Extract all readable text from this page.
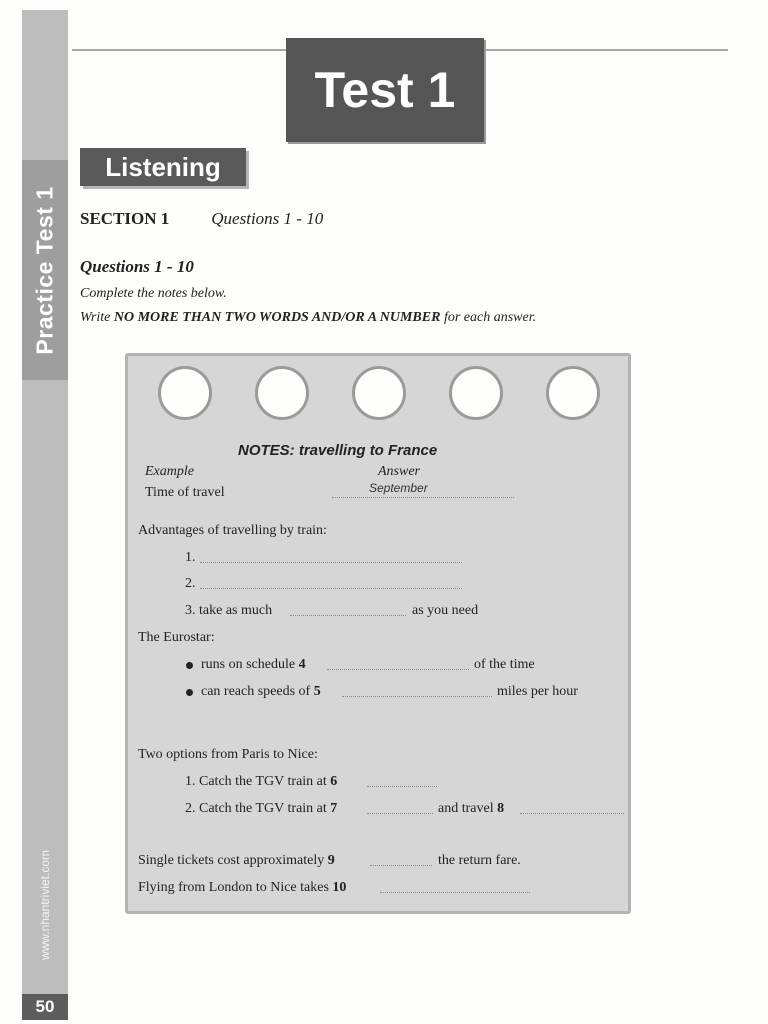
Practice Test 1
www.nhantriviet.com
50
Test 1
Listening
SECTION 1 Questions 1 - 10
Questions 1 - 10
Complete the notes below.
Write NO MORE THAN TWO WORDS AND/OR A NUMBER for each answer.
NOTES: travelling to France
Example	Answer
Time of travel	September
Advantages of travelling by train:
1.
2.
3. take as much	as you need
The Eurostar:
runs on schedule 4	of the time
can reach speeds of 5	miles per hour
Two options from Paris to Nice:
1. Catch the TGV train at 6
2. Catch the TGV train at 7	and travel 8
Single tickets cost approximately 9	the return fare.
Flying from London to Nice takes 10
